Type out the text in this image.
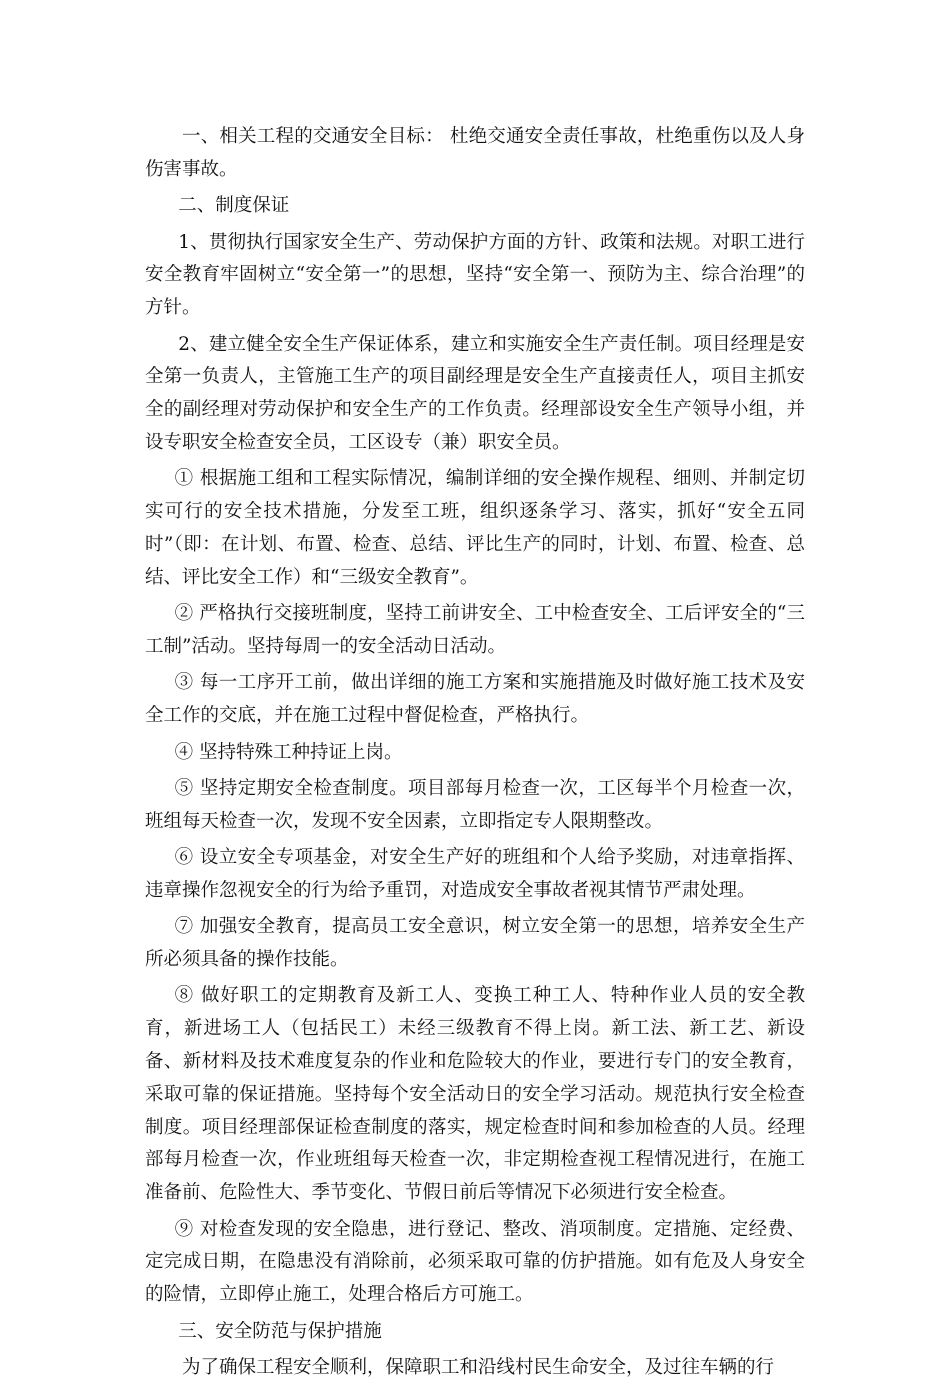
一、相关工程的交通安全目标： 杜绝交通安全责任事故，杜绝重伤以及人身伤害事故。

二、制度保证

1、贯彻执行国家安全生产、劳动保护方面的方针、政策和法规。对职工进行安全教育牢固树立“安全第一”的思想，坚持“安全第一、预防为主、综合治理”的方针。

2、建立健全安全生产保证体系，建立和实施安全生产责任制。项目经理是安全第一负责人，主管施工生产的项目副经理是安全生产直接责任人，项目主抓安全的副经理对劳动保护和安全生产的工作负责。经理部设安全生产领导小组，并设专职安全检查安全员，工区设专（兼）职安全员。

① 根据施工组和工程实际情况，编制详细的安全操作规程、细则、并制定切实可行的安全技术措施，分发至工班，组织逐条学习、落实，抓好“安全五同时”（即：在计划、布置、检查、总结、评比生产的同时，计划、布置、检查、总结、评比安全工作）和“三级安全教育”。

② 严格执行交接班制度，坚持工前讲安全、工中检查安全、工后评安全的“三工制”活动。坚持每周一的安全活动日活动。

③ 每一工序开工前，做出详细的施工方案和实施措施及时做好施工技术及安全工作的交底，并在施工过程中督促检查，严格执行。

④ 坚持特殊工种持证上岗。

⑤ 坚持定期安全检查制度。项目部每月检查一次，工区每半个月检查一次，班组每天检查一次，发现不安全因素，立即指定专人限期整改。

⑥ 设立安全专项基金，对安全生产好的班组和个人给予奖励，对违章指挥、违章操作忽视安全的行为给予重罚，对造成安全事故者视其情节严肃处理。

⑦ 加强安全教育，提高员工安全意识，树立安全第一的思想，培养安全生产所必须具备的操作技能。

⑧ 做好职工的定期教育及新工人、变换工种工人、特种作业人员的安全教育，新进场工人（包括民工）未经三级教育不得上岗。新工法、新工艺、新设备、新材料及技术难度复杂的作业和危险较大的作业，要进行专门的安全教育，采取可靠的保证措施。坚持每个安全活动日的安全学习活动。规范执行安全检查制度。项目经理部保证检查制度的落实，规定检查时间和参加检查的人员。经理部每月检查一次，作业班组每天检查一次，非定期检查视工程情况进行，在施工准备前、危险性大、季节变化、节假日前后等情况下必须进行安全检查。

⑨ 对检查发现的安全隐患，进行登记、整改、消项制度。定措施、定经费、定完成日期，在隐患没有消除前，必须采取可靠的仿护措施。如有危及人身安全的险情，立即停止施工，处理合格后方可施工。

三、安全防范与保护措施

为了确保工程安全顺利，保障职工和沿线村民生命安全，及过往车辆的行
